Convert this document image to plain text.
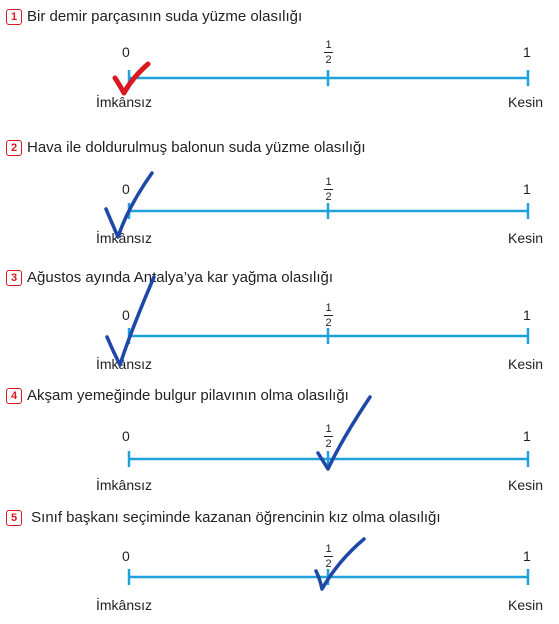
1 Bir demir parçasının suda yüzme olasılığı
0	1
2	1
İmkânsız	Kesin
2 Hava ile doldurulmuş balonun suda yüzme olasılığı
0	1
2	1
İmkânsız	Kesin
3 Ağustos ayında Antalya’ya kar yağma olasılığı
0	1
2	1
İmkânsız	Kesin
4 Akşam yemeğinde bulgur pilavının olma olasılığı
0	1
2	1
İmkânsız	Kesin
5 Sınıf başkanı seçiminde kazanan öğrencinin kız olma olasılığı
0	1
2	1
İmkânsız	Kesin
